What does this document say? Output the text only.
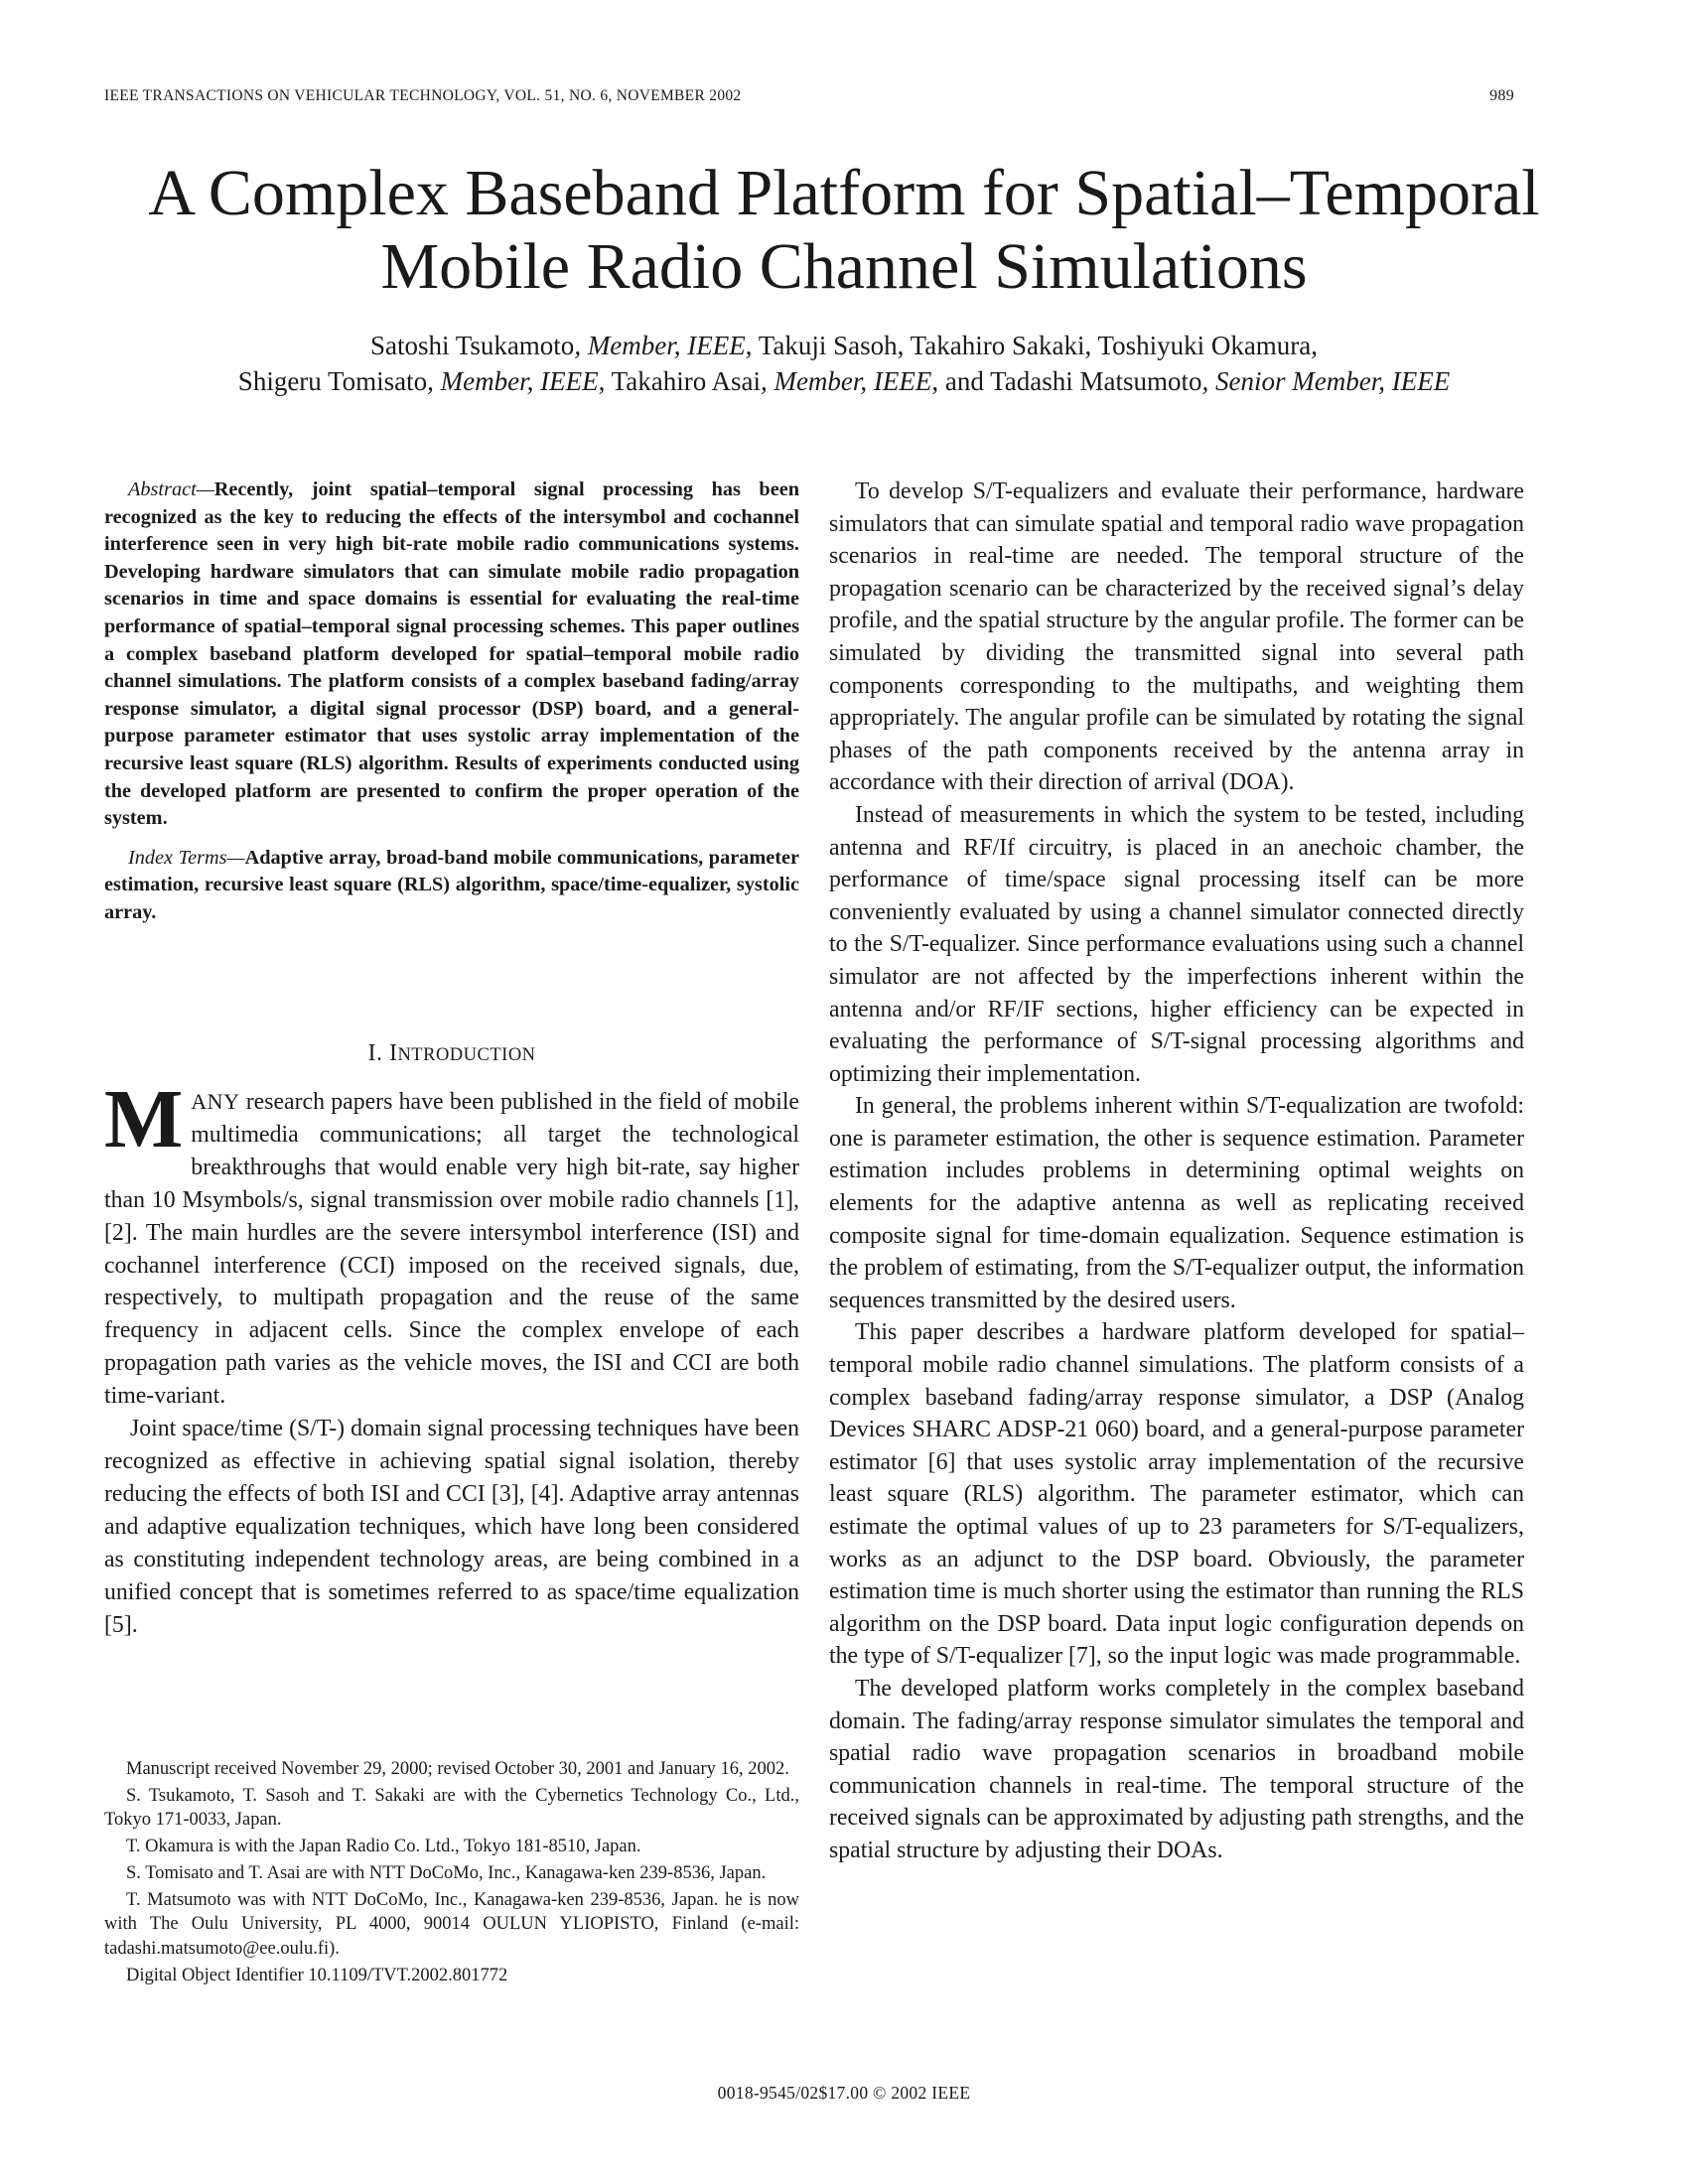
IEEE TRANSACTIONS ON VEHICULAR TECHNOLOGY, VOL. 51, NO. 6, NOVEMBER 2002	989
A Complex Baseband Platform for Spatial–Temporal
Mobile Radio Channel Simulations
Satoshi Tsukamoto, Member, IEEE, Takuji Sasoh, Takahiro Sakaki, Toshiyuki Okamura,
Shigeru Tomisato, Member, IEEE, Takahiro Asai, Member, IEEE, and Tadashi Matsumoto, Senior Member, IEEE

Abstract—Recently, joint spatial–temporal signal processing has been recognized as the key to reducing the effects of the intersymbol and cochannel interference seen in very high bit-rate mobile radio communications systems. Developing hardware simulators that can simulate mobile radio propagation scenarios in time and space domains is essential for evaluating the real-time performance of spatial–temporal signal processing schemes. This paper outlines a complex baseband platform developed for spatial–temporal mobile radio channel simulations. The platform consists of a complex baseband fading/array response simulator, a digital signal processor (DSP) board, and a general-purpose parameter estimator that uses systolic array implementation of the recursive least square (RLS) algorithm. Results of experiments conducted using the developed platform are presented to confirm the proper operation of the system.

Index Terms—Adaptive array, broad-band mobile communications, parameter estimation, recursive least square (RLS) algorithm, space/time-equalizer, systolic array.

I. INTRODUCTION

MANY research papers have been published in the field of mobile multimedia communications; all target the technological breakthroughs that would enable very high bit-rate, say higher than 10 Msymbols/s, signal transmission over mobile radio channels [1], [2]. The main hurdles are the severe intersymbol interference (ISI) and cochannel interference (CCI) imposed on the received signals, due, respectively, to multipath propagation and the reuse of the same frequency in adjacent cells. Since the complex envelope of each propagation path varies as the vehicle moves, the ISI and CCI are both time-variant.

Joint space/time (S/T-) domain signal processing techniques have been recognized as effective in achieving spatial signal isolation, thereby reducing the effects of both ISI and CCI [3], [4]. Adaptive array antennas and adaptive equalization techniques, which have long been considered as constituting independent technology areas, are being combined in a unified concept that is sometimes referred to as space/time equalization [5].

Manuscript received November 29, 2000; revised October 30, 2001 and January 16, 2002.

S. Tsukamoto, T. Sasoh and T. Sakaki are with the Cybernetics Technology Co., Ltd., Tokyo 171-0033, Japan.

T. Okamura is with the Japan Radio Co. Ltd., Tokyo 181-8510, Japan.

S. Tomisato and T. Asai are with NTT DoCoMo, Inc., Kanagawa-ken 239-8536, Japan.

T. Matsumoto was with NTT DoCoMo, Inc., Kanagawa-ken 239-8536, Japan. he is now with The Oulu University, PL 4000, 90014 OULUN YLIOPISTO, Finland (e-mail: tadashi.matsumoto@ee.oulu.fi).

Digital Object Identifier 10.1109/TVT.2002.801772

To develop S/T-equalizers and evaluate their performance, hardware simulators that can simulate spatial and temporal radio wave propagation scenarios in real-time are needed. The temporal structure of the propagation scenario can be characterized by the received signal’s delay profile, and the spatial structure by the angular profile. The former can be simulated by dividing the transmitted signal into several path components corresponding to the multipaths, and weighting them appropriately. The angular profile can be simulated by rotating the signal phases of the path components received by the antenna array in accordance with their direction of arrival (DOA).

Instead of measurements in which the system to be tested, including antenna and RF/If circuitry, is placed in an anechoic chamber, the performance of time/space signal processing itself can be more conveniently evaluated by using a channel simulator connected directly to the S/T-equalizer. Since performance evaluations using such a channel simulator are not affected by the imperfections inherent within the antenna and/or RF/IF sections, higher efficiency can be expected in evaluating the performance of S/T-signal processing algorithms and optimizing their implementation.

In general, the problems inherent within S/T-equalization are twofold: one is parameter estimation, the other is sequence estimation. Parameter estimation includes problems in determining optimal weights on elements for the adaptive antenna as well as replicating received composite signal for time-domain equalization. Sequence estimation is the problem of estimating, from the S/T-equalizer output, the information sequences transmitted by the desired users.

This paper describes a hardware platform developed for spatial–temporal mobile radio channel simulations. The platform consists of a complex baseband fading/array response simulator, a DSP (Analog Devices SHARC ADSP-21 060) board, and a general-purpose parameter estimator [6] that uses systolic array implementation of the recursive least square (RLS) algorithm. The parameter estimator, which can estimate the optimal values of up to 23 parameters for S/T-equalizers, works as an adjunct to the DSP board. Obviously, the parameter estimation time is much shorter using the estimator than running the RLS algorithm on the DSP board. Data input logic configuration depends on the type of S/T-equalizer [7], so the input logic was made programmable.

The developed platform works completely in the complex baseband domain. The fading/array response simulator simulates the temporal and spatial radio wave propagation scenarios in broadband mobile communication channels in real-time. The temporal structure of the received signals can be approximated by adjusting path strengths, and the spatial structure by adjusting their DOAs.

0018-9545/02$17.00 © 2002 IEEE
